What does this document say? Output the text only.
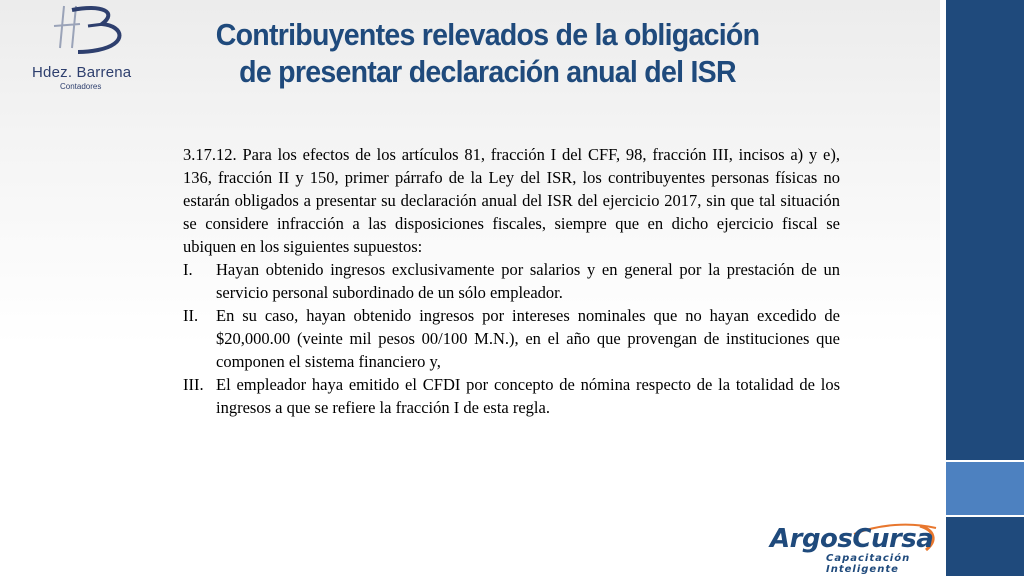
Hdez. Barrena
Contadores
Contribuyentes relevados de la obligación
de presentar declaración anual del ISR

3.17.12. Para los efectos de los artículos 81, fracción I del CFF, 98, fracción III, incisos a) y e), 136, fracción II y 150, primer párrafo de la Ley del ISR, los contribuyentes personas físicas no estarán obligados a presentar su declaración anual del ISR del ejercicio 2017, sin que tal situación se considere infracción a las disposiciones fiscales, siempre que en dicho ejercicio fiscal se ubiquen en los siguientes supuestos:

I. Hayan obtenido ingresos exclusivamente por salarios y en general por la prestación de un servicio personal subordinado de un sólo empleador.
II. En su caso, hayan obtenido ingresos por intereses nominales que no hayan excedido de $20,000.00 (veinte mil pesos 00/100 M.N.), en el año que provengan de instituciones que componen el sistema financiero y,
III. El empleador haya emitido el CFDI por concepto de nómina respecto de la totalidad de los ingresos a que se refiere la fracción I de esta regla.
ArgosCursa
Capacitación
Inteligente
